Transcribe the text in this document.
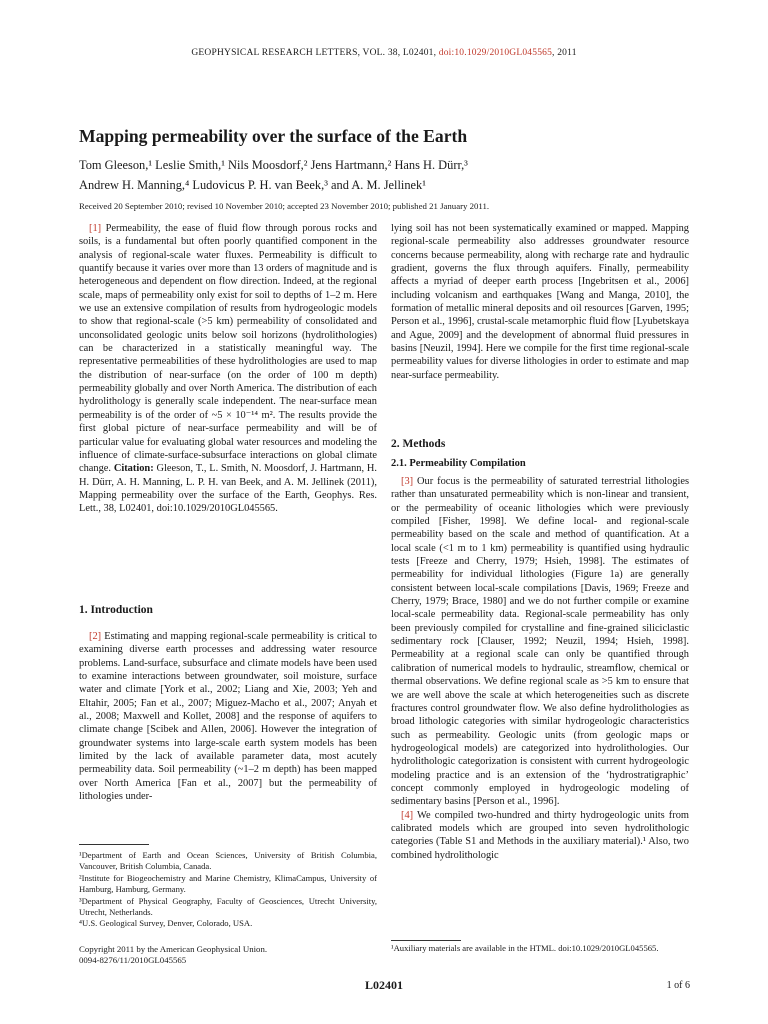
GEOPHYSICAL RESEARCH LETTERS, VOL. 38, L02401, doi:10.1029/2010GL045565, 2011
Mapping permeability over the surface of the Earth
Tom Gleeson,¹ Leslie Smith,¹ Nils Moosdorf,² Jens Hartmann,² Hans H. Dürr,³
Andrew H. Manning,⁴ Ludovicus P. H. van Beek,³ and A. M. Jellinek¹
Received 20 September 2010; revised 10 November 2010; accepted 23 November 2010; published 21 January 2011.

[1] Permeability, the ease of fluid flow through porous rocks and soils, is a fundamental but often poorly quantified component in the analysis of regional-scale water fluxes. Permeability is difficult to quantify because it varies over more than 13 orders of magnitude and is heterogeneous and dependent on flow direction. Indeed, at the regional scale, maps of permeability only exist for soil to depths of 1–2 m. Here we use an extensive compilation of results from hydrogeologic models to show that regional-scale (>5 km) permeability of consolidated and unconsolidated geologic units below soil horizons (hydrolithologies) can be characterized in a statistically meaningful way. The representative permeabilities of these hydrolithologies are used to map the distribution of near-surface (on the order of 100 m depth) permeability globally and over North America. The distribution of each hydrolithology is generally scale independent. The near-surface mean permeability is of the order of ~5 × 10⁻¹⁴ m². The results provide the first global picture of near-surface permeability and will be of particular value for evaluating global water resources and modeling the influence of climate-surface-subsurface interactions on global climate change. Citation: Gleeson, T., L. Smith, N. Moosdorf, J. Hartmann, H. H. Dürr, A. H. Manning, L. P. H. van Beek, and A. M. Jellinek (2011), Mapping permeability over the surface of the Earth, Geophys. Res. Lett., 38, L02401, doi:10.1029/2010GL045565.

1. Introduction

[2] Estimating and mapping regional-scale permeability is critical to examining diverse earth processes and addressing water resource problems. Land-surface, subsurface and climate models have been used to examine interactions between groundwater, soil moisture, surface water and climate [York et al., 2002; Liang and Xie, 2003; Yeh and Eltahir, 2005; Fan et al., 2007; Miguez-Macho et al., 2007; Anyah et al., 2008; Maxwell and Kollet, 2008] and the response of aquifers to climate change [Scibek and Allen, 2006]. However the integration of groundwater systems into large-scale earth system models has been limited by the lack of available parameter data, most acutely permeability data. Soil permeability (~1–2 m depth) has been mapped over North America [Fan et al., 2007] but the permeability of lithologies under-

¹Department of Earth and Ocean Sciences, University of British Columbia, Vancouver, British Columbia, Canada.
²Institute for Biogeochemistry and Marine Chemistry, KlimaCampus, University of Hamburg, Hamburg, Germany.
³Department of Physical Geography, Faculty of Geosciences, Utrecht University, Utrecht, Netherlands.
⁴U.S. Geological Survey, Denver, Colorado, USA.
Copyright 2011 by the American Geophysical Union.
0094-8276/11/2010GL045565

lying soil has not been systematically examined or mapped. Mapping regional-scale permeability also addresses groundwater resource concerns because permeability, along with recharge rate and hydraulic gradient, governs the flux through aquifers. Finally, permeability affects a myriad of deeper earth process [Ingebritsen et al., 2006] including volcanism and earthquakes [Wang and Manga, 2010], the formation of metallic mineral deposits and oil resources [Garven, 1995; Person et al., 1996], crustal-scale metamorphic fluid flow [Lyubetskaya and Ague, 2009] and the development of abnormal fluid pressures in basins [Neuzil, 1994]. Here we compile for the first time regional-scale permeability values for diverse lithologies in order to estimate and map near-surface permeability.

2. Methods
2.1. Permeability Compilation

[3] Our focus is the permeability of saturated terrestrial lithologies rather than unsaturated permeability which is non-linear and transient, or the permeability of oceanic lithologies which were previously compiled [Fisher, 1998]. We define local- and regional-scale permeability based on the scale and method of quantification. At a local scale (<1 m to 1 km) permeability is quantified using hydraulic tests [Freeze and Cherry, 1979; Hsieh, 1998]. The estimates of permeability for individual lithologies (Figure 1a) are generally consistent between local-scale compilations [Davis, 1969; Freeze and Cherry, 1979; Brace, 1980] and we do not further compile or examine local-scale permeability data. Regional-scale permeability has only been previously compiled for crystalline and fine-grained siliciclastic sedimentary rock [Clauser, 1992; Neuzil, 1994; Hsieh, 1998]. Permeability at a regional scale can only be quantified through calibration of numerical models to hydraulic, streamflow, chemical or thermal observations. We define regional scale as >5 km to ensure that we are well above the scale at which heterogeneities such as discrete fractures control groundwater flow. We also define hydrolithologies as broad lithologic categories with similar hydrogeologic characteristics such as permeability. Geologic units (from geologic maps or hydrogeological models) are categorized into hydrolithologies. Our hydrolithologic categorization is consistent with current hydrogeologic modeling practice and is an extension of the ‘hydrostratigraphic’ concept commonly employed in hydrogeologic modeling of sedimentary basins [Person et al., 1996].

[4] We compiled two-hundred and thirty hydrogeologic units from calibrated models which are grouped into seven hydrolithologic categories (Table S1 and Methods in the auxiliary material).¹ Also, two combined hydrolithologic

¹Auxiliary materials are available in the HTML. doi:10.1029/2010GL045565.
L02401	1 of 6
